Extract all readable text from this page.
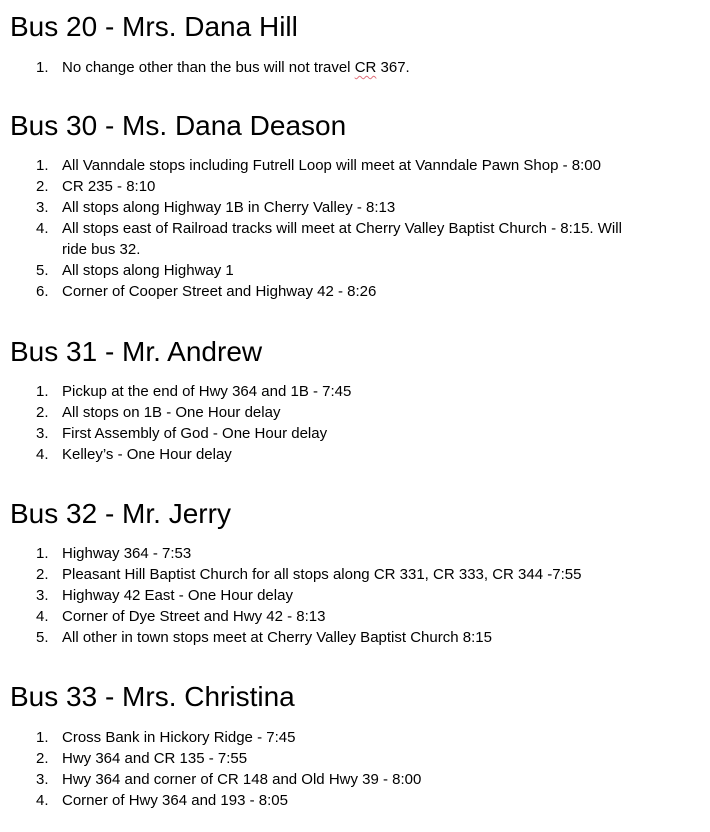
Bus 20 - Mrs. Dana Hill
1. No change other than the bus will not travel CR 367.
Bus 30 - Ms. Dana Deason
1. All Vanndale stops including Futrell Loop will meet at Vanndale Pawn Shop - 8:00
2. CR 235 - 8:10
3. All stops along Highway 1B in Cherry Valley - 8:13
4. All stops east of Railroad tracks will meet at Cherry Valley Baptist Church - 8:15. Will ride bus 32.
5. All stops along Highway 1
6. Corner of Cooper Street and Highway 42 - 8:26
Bus 31 - Mr. Andrew
1. Pickup at the end of Hwy 364 and 1B - 7:45
2. All stops on 1B - One Hour delay
3. First Assembly of God - One Hour delay
4. Kelley’s - One Hour delay
Bus 32 - Mr. Jerry
1. Highway 364 - 7:53
2. Pleasant Hill Baptist Church for all stops along CR 331, CR 333, CR 344 -7:55
3. Highway 42 East - One Hour delay
4. Corner of Dye Street and Hwy 42 - 8:13
5. All other in town stops meet at Cherry Valley Baptist Church 8:15
Bus 33 - Mrs. Christina
1. Cross Bank in Hickory Ridge - 7:45
2. Hwy 364 and CR 135 - 7:55
3. Hwy 364 and corner of CR 148 and Old Hwy 39 - 8:00
4. Corner of Hwy 364 and 193 - 8:05
